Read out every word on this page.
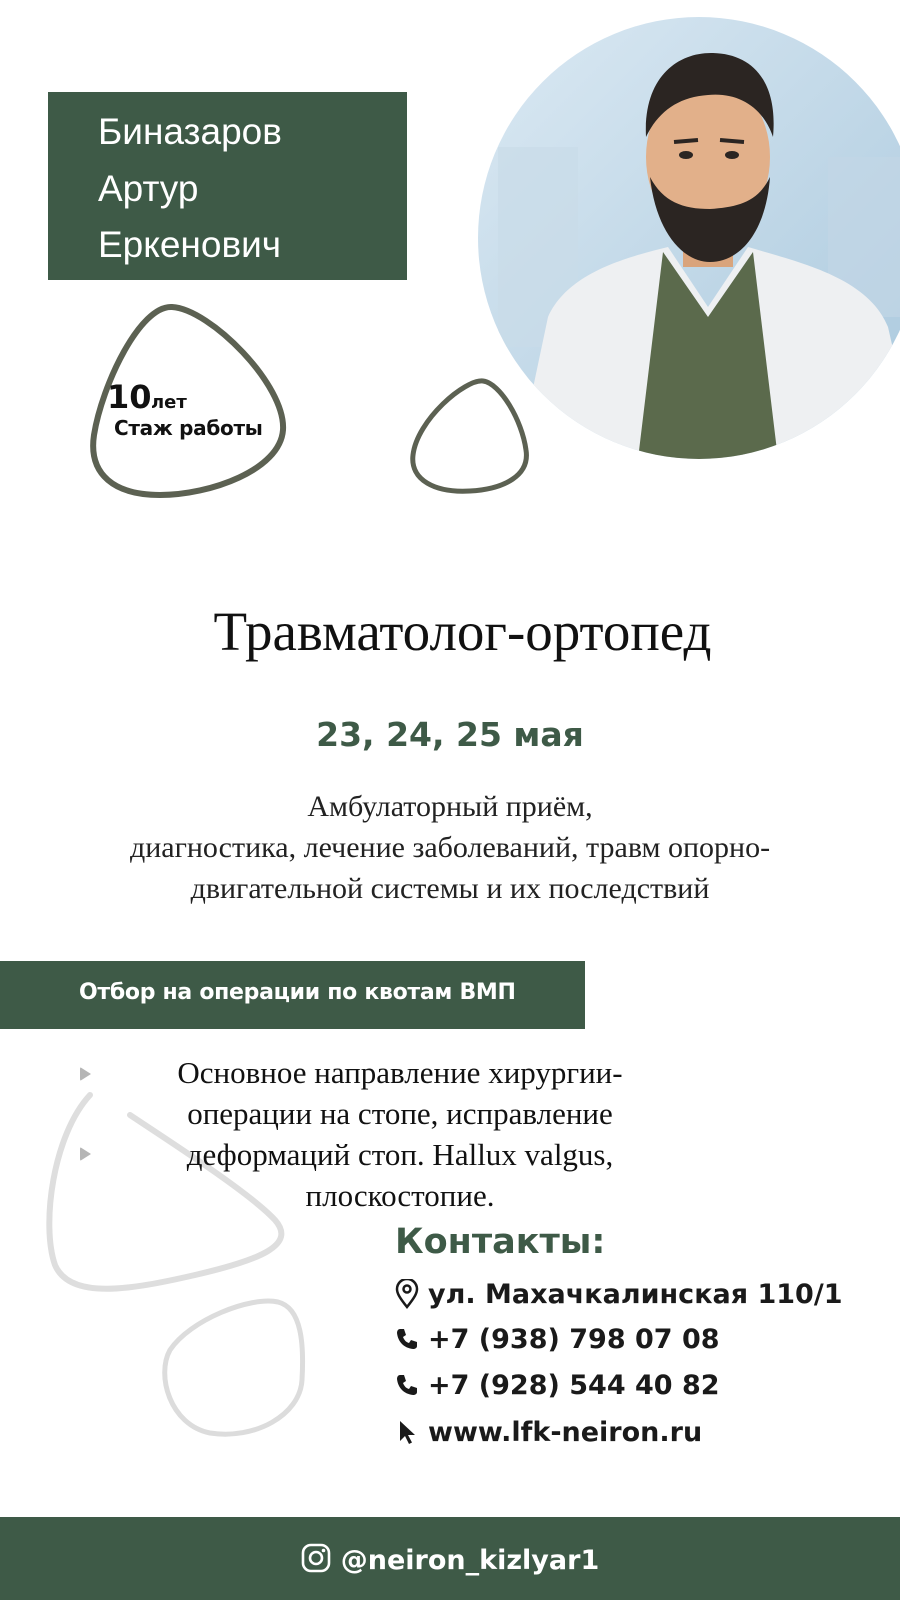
Биназаров
Артур
Еркенович
10 лет
Стаж работы
Травматолог-ортопед
23, 24, 25 мая
Амбулаторный приём,
диагностика, лечение заболеваний, травм опорно-
двигательной системы и их последствий
Отбор на операции по квотам ВМП
Основное направление хирургии-
операции на стопе, исправление
деформаций стоп. Hallux valgus,
плоскостопие.
Контакты:
ул. Махачкалинская 110/1
+7 (938) 798 07 08
+7 (928) 544 40 82
www.lfk-neiron.ru
@neiron_kizlyar1
